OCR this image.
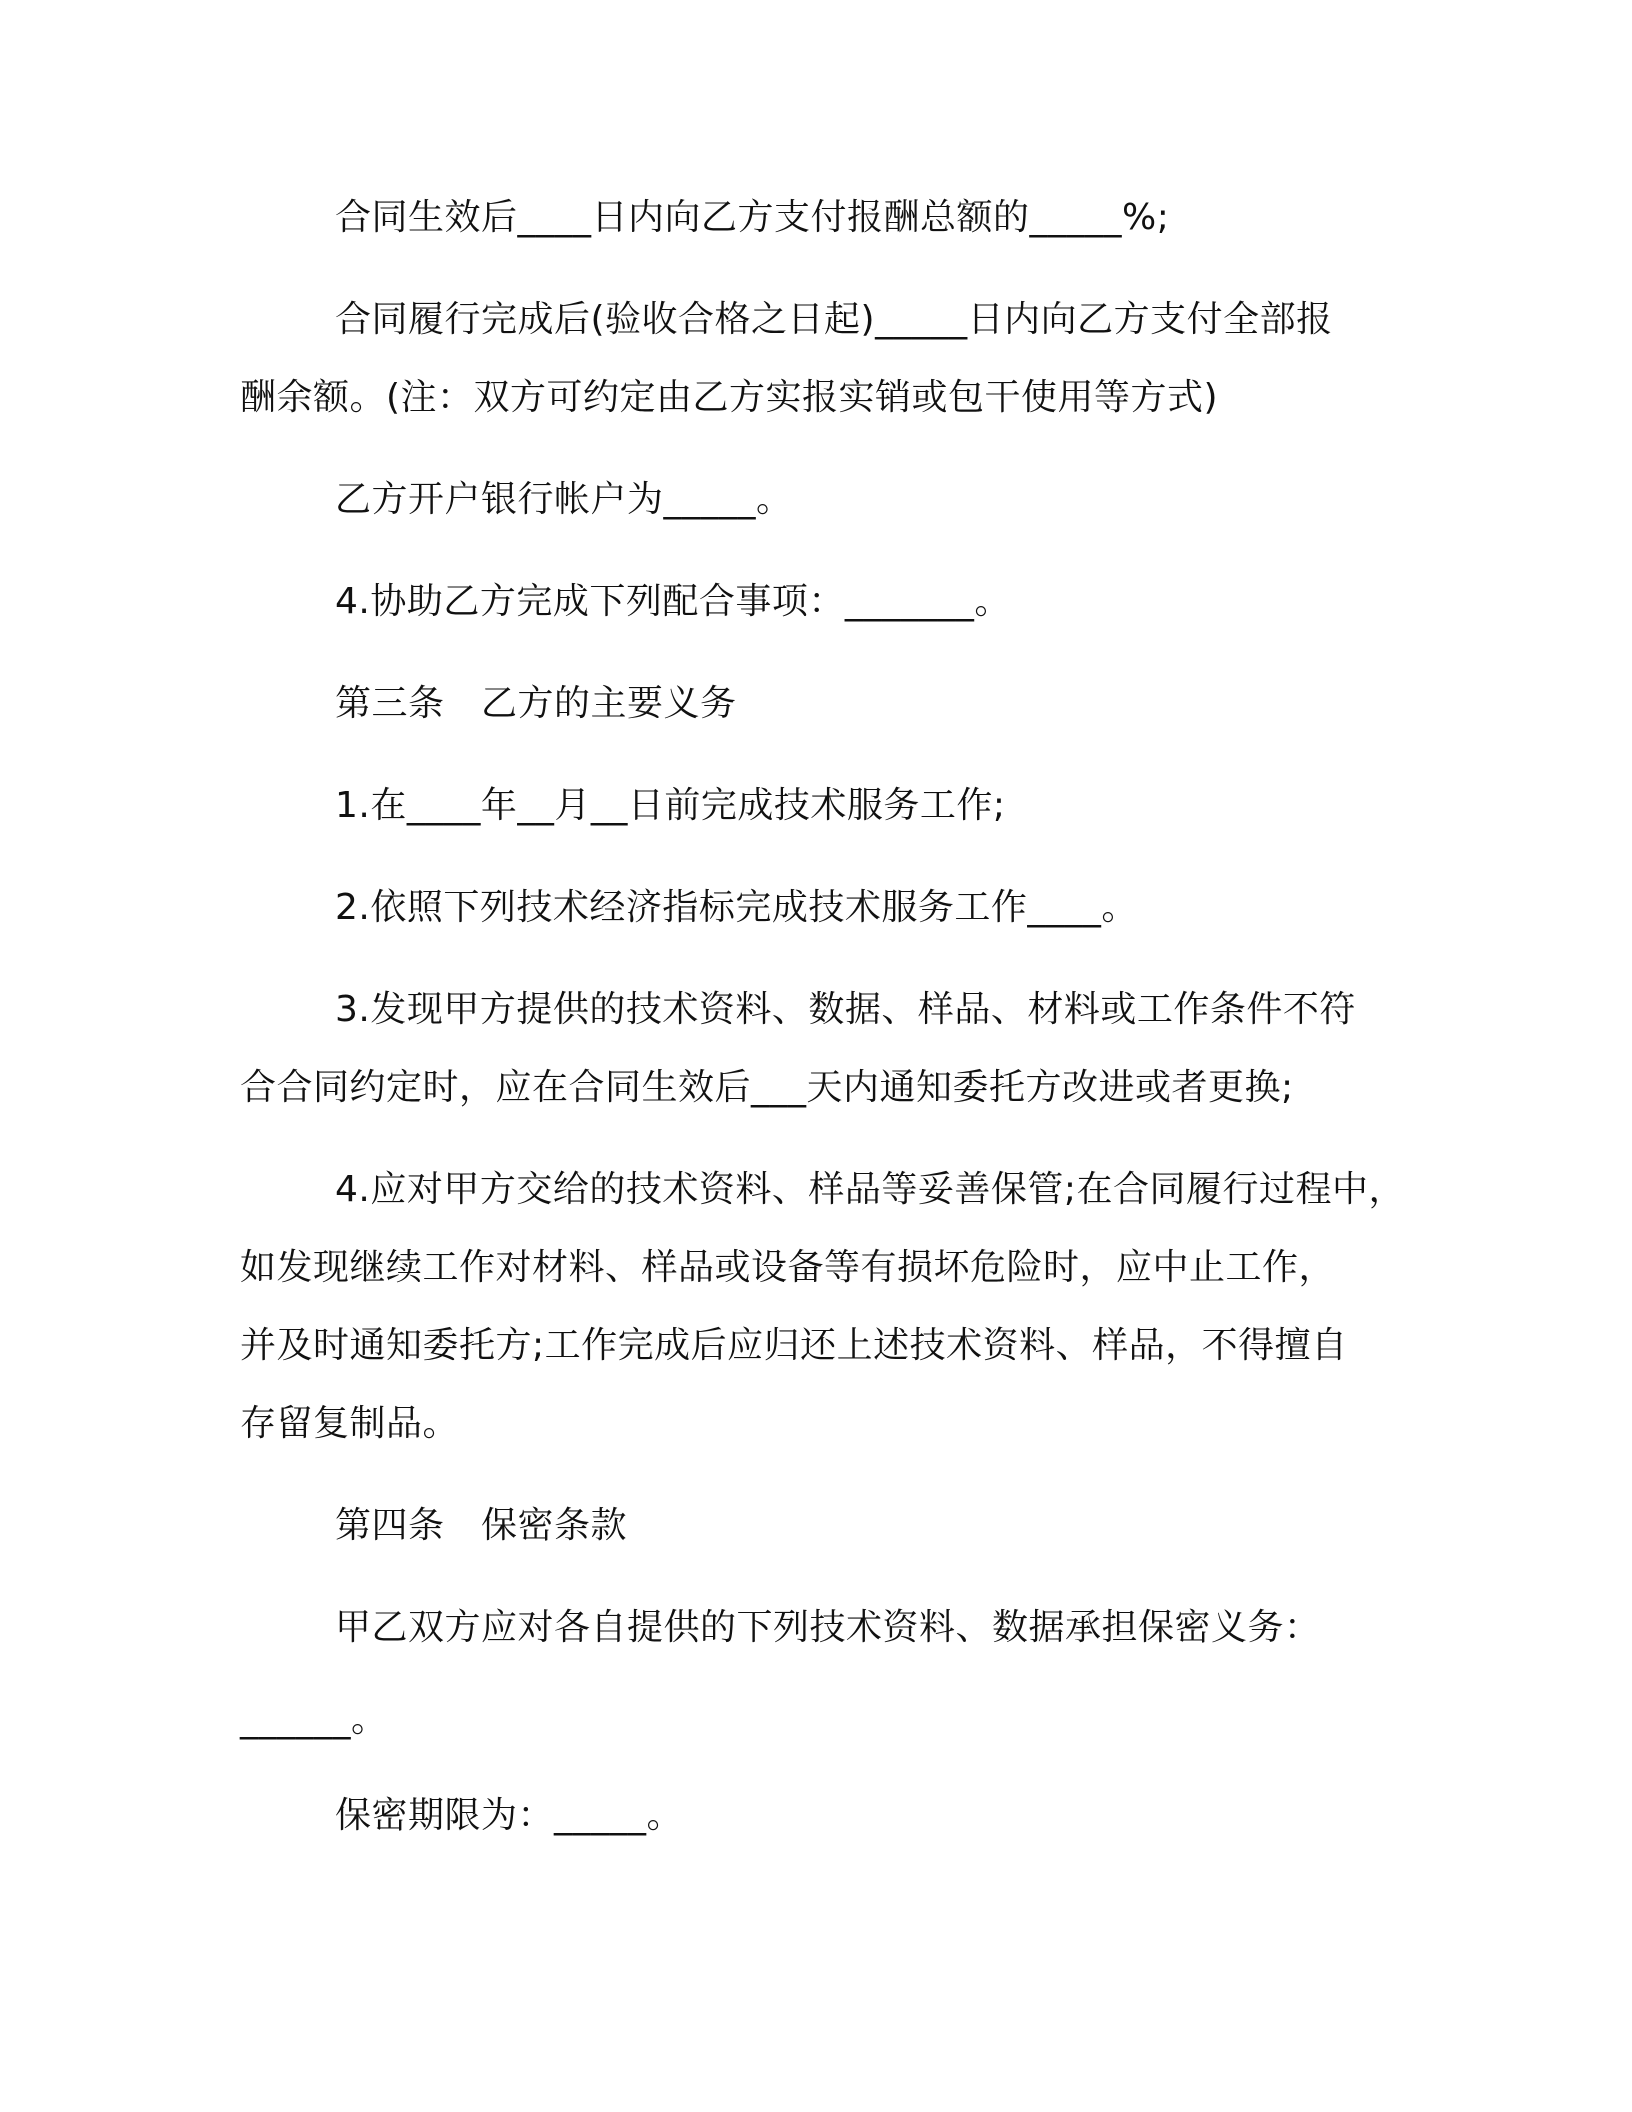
合同生效后____日内向乙方支付报酬总额的_____%;
合同履行完成后(验收合格之日起)_____日内向乙方支付全部报
酬余额。(注：双方可约定由乙方实报实销或包干使用等方式)
乙方开户银行帐户为_____。
4.协助乙方完成下列配合事项：_______。
第三条　乙方的主要义务
1.在____年__月__日前完成技术服务工作;
2.依照下列技术经济指标完成技术服务工作____。
3.发现甲方提供的技术资料、数据、样品、材料或工作条件不符
合合同约定时，应在合同生效后___天内通知委托方改进或者更换;
4.应对甲方交给的技术资料、样品等妥善保管;在合同履行过程中，
如发现继续工作对材料、样品或设备等有损坏危险时，应中止工作，
并及时通知委托方;工作完成后应归还上述技术资料、样品，不得擅自
存留复制品。
第四条　保密条款
甲乙双方应对各自提供的下列技术资料、数据承担保密义务：
______。
保密期限为：_____。
